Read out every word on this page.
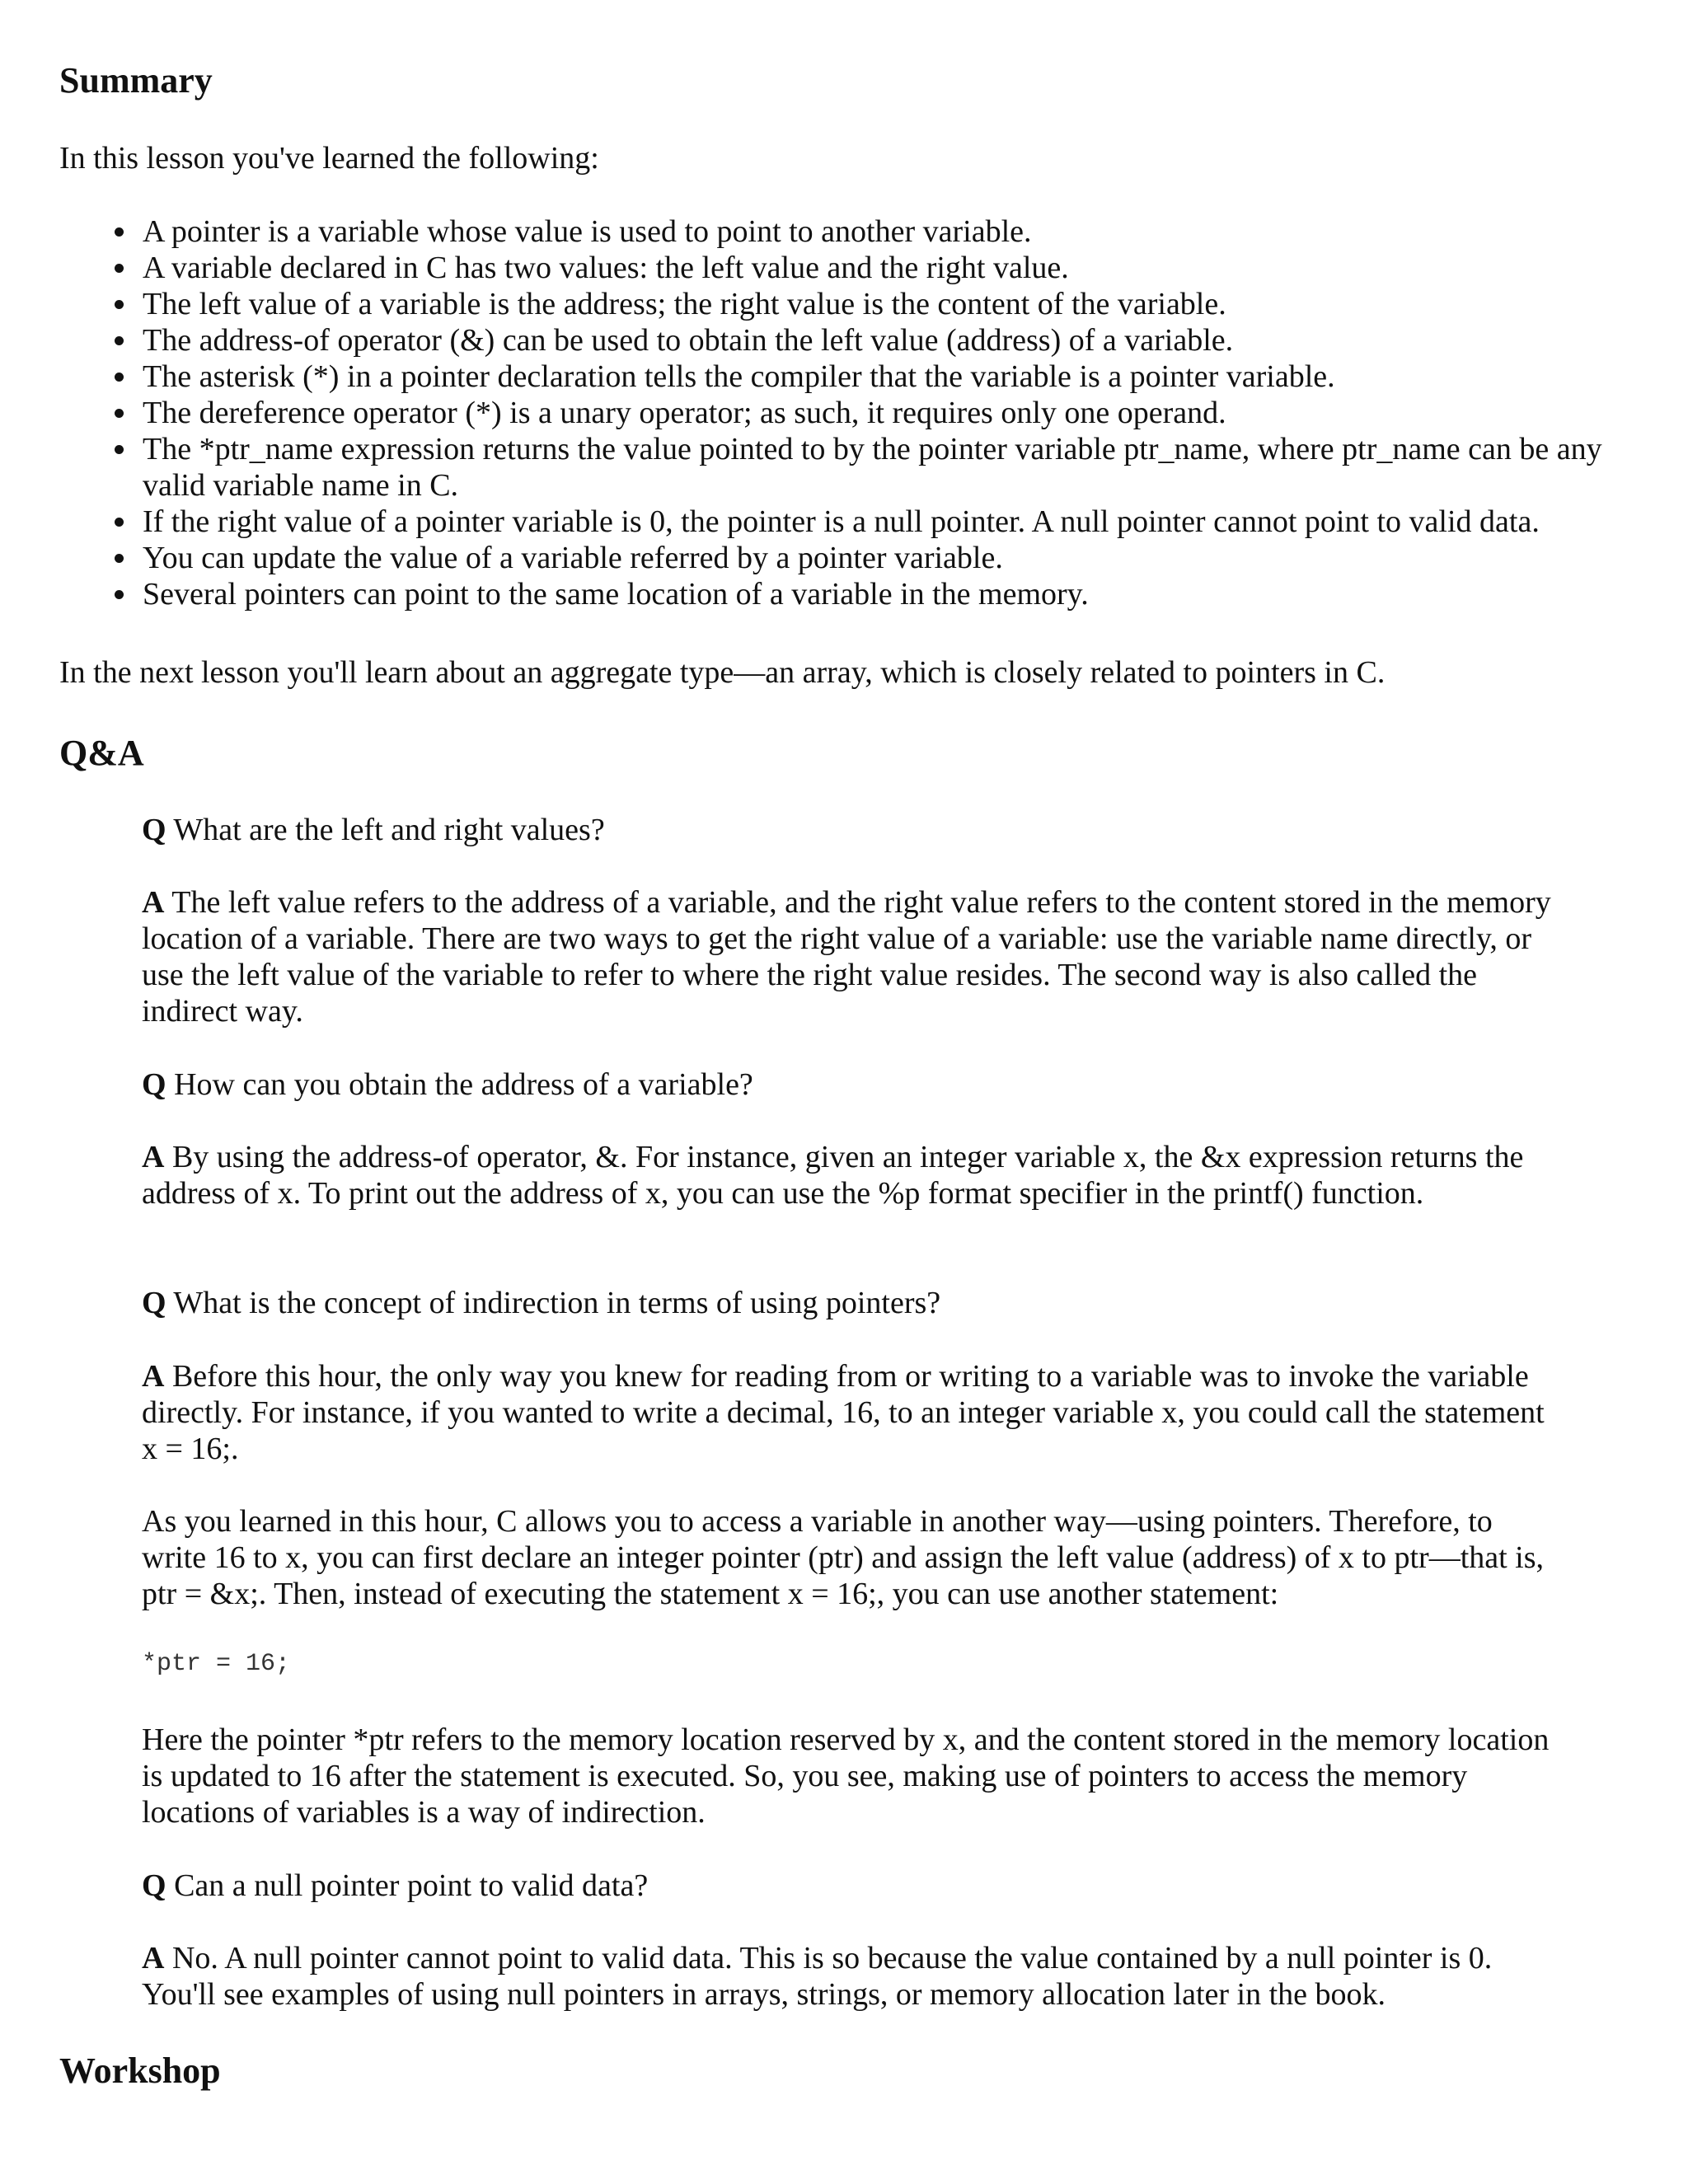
Summary

In this lesson you've learned the following:

A pointer is a variable whose value is used to point to another variable.
A variable declared in C has two values: the left value and the right value.
The left value of a variable is the address; the right value is the content of the variable.
The address-of operator (&) can be used to obtain the left value (address) of a variable.
The asterisk (*) in a pointer declaration tells the compiler that the variable is a pointer variable.
The dereference operator (*) is a unary operator; as such, it requires only one operand.
The *ptr_name expression returns the value pointed to by the pointer variable ptr_name, where ptr_name can be any valid variable name in C.
If the right value of a pointer variable is 0, the pointer is a null pointer. A null pointer cannot point to valid data.
You can update the value of a variable referred by a pointer variable.
Several pointers can point to the same location of a variable in the memory.

In the next lesson you'll learn about an aggregate type—an array, which is closely related to pointers in C.

Q&A

Q What are the left and right values?

A The left value refers to the address of a variable, and the right value refers to the content stored in the memory location of a variable. There are two ways to get the right value of a variable: use the variable name directly, or use the left value of the variable to refer to where the right value resides. The second way is also called the indirect way.

Q How can you obtain the address of a variable?

A By using the address-of operator, &. For instance, given an integer variable x, the &x expression returns the address of x. To print out the address of x, you can use the %p format specifier in the printf() function.

Q What is the concept of indirection in terms of using pointers?

A Before this hour, the only way you knew for reading from or writing to a variable was to invoke the variable directly. For instance, if you wanted to write a decimal, 16, to an integer variable x, you could call the statement x = 16;.

As you learned in this hour, C allows you to access a variable in another way—using pointers. Therefore, to write 16 to x, you can first declare an integer pointer (ptr) and assign the left value (address) of x to ptr—that is, ptr = &x;. Then, instead of executing the statement x = 16;, you can use another statement:

*ptr = 16;

Here the pointer *ptr refers to the memory location reserved by x, and the content stored in the memory location is updated to 16 after the statement is executed. So, you see, making use of pointers to access the memory locations of variables is a way of indirection.

Q Can a null pointer point to valid data?

A No. A null pointer cannot point to valid data. This is so because the value contained by a null pointer is 0. You'll see examples of using null pointers in arrays, strings, or memory allocation later in the book.

Workshop
